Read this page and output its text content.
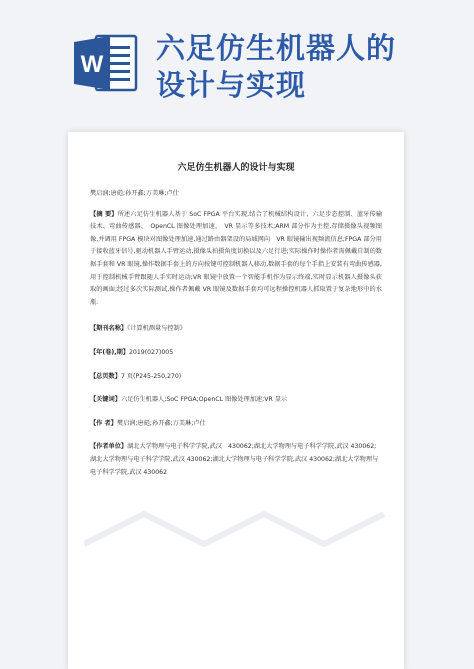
W 六足仿生机器人的
设计与实现
六足仿生机器人的设计与实现
樊启润;唐彪;孙开鑫;万美琳;卢仕
【摘 要】所述六足仿生机器人基于 SoC FPGA 平台实现,结合了机械结构设计、六足步态控制、蓝牙传输技术、弯曲传感器、　OpenCL 图像处理加速、　VR 显示等多技术;ARM 部分作为主控,存储摄像头视频图像,并调用 FPGA 模块对图像处理加速,通过路由器架设的局域网向　VR 眼镜输出视频流信息;FPGA 部分用于接收蓝牙信号,驱动机器人手臂运动,摄像头拍摄角度切换以及六足行进;实际操作时操作者需佩戴自制的数据手套和 VR 眼镜,操作数据手套上的方向按键可控制机器人移动,数据手套的每个手指上安装有弯曲传感器,用于控制机械手臂跟随人手实时运动;VR 眼镜中放置一个智能手机作为显示终端,实时显示机器人摄像头获取的画面;经过多次实际测试,操作者佩戴 VR 眼镜及数据手套均可远程操控机器人抓取置于复杂地形中的水瓶.
【期刊名称】《计算机测量与控制》
【年(卷),期】2019(027)005
【总页数】7 页(P245-250,270)
【关键词】六足仿生机器人;SoC FPGA;OpenCL 图像处理加速;VR 显示
【作 者】樊启润;唐彪;孙开鑫;万美琳;卢仕
【作者单位】湖北大学物理与电子科学学院,武汉　430062;湖北大学物理与电子科学学院,武汉 430062;湖北大学物理与电子科学学院,武汉 430062;湖北大学物理与电子科学学院,武汉 430062;湖北大学物理与电子科学学院,武汉 430062
